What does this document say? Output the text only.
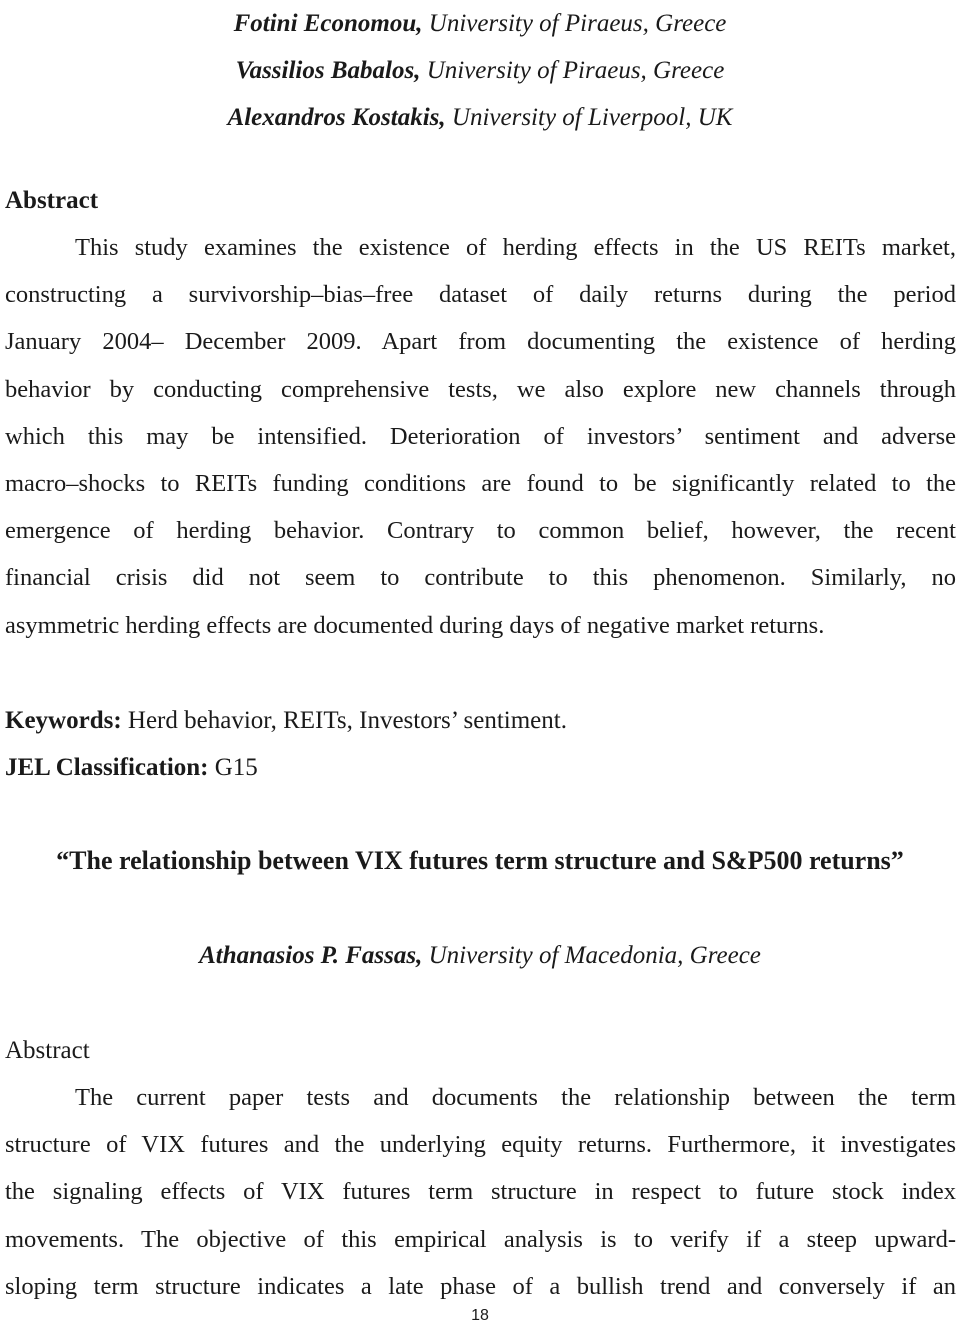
Fotini Economou, University of Piraeus, Greece
Vassilios Babalos, University of Piraeus, Greece
Alexandros Kostakis, University of Liverpool, UK
Abstract
This study examines the existence of herding effects in the US REITs market,
constructing a survivorship–bias–free dataset of daily returns during the period
January 2004– December 2009. Apart from documenting the existence of herding
behavior by conducting comprehensive tests, we also explore new channels through
which this may be intensified. Deterioration of investors’ sentiment and adverse
macro–shocks to REITs funding conditions are found to be significantly related to the
emergence of herding behavior. Contrary to common belief, however, the recent
financial crisis did not seem to contribute to this phenomenon. Similarly, no
asymmetric herding effects are documented during days of negative market returns.
Keywords: Herd behavior, REITs, Investors’ sentiment.
JEL Classification: G15
“The relationship between VIX futures term structure and S&P500 returns”
Athanasios P. Fassas, University of Macedonia, Greece
Abstract
The current paper tests and documents the relationship between the term
structure of VIX futures and the underlying equity returns. Furthermore, it investigates
the signaling effects of VIX futures term structure in respect to future stock index
movements. The objective of this empirical analysis is to verify if a steep upward-
sloping term structure indicates a late phase of a bullish trend and conversely if an
18
